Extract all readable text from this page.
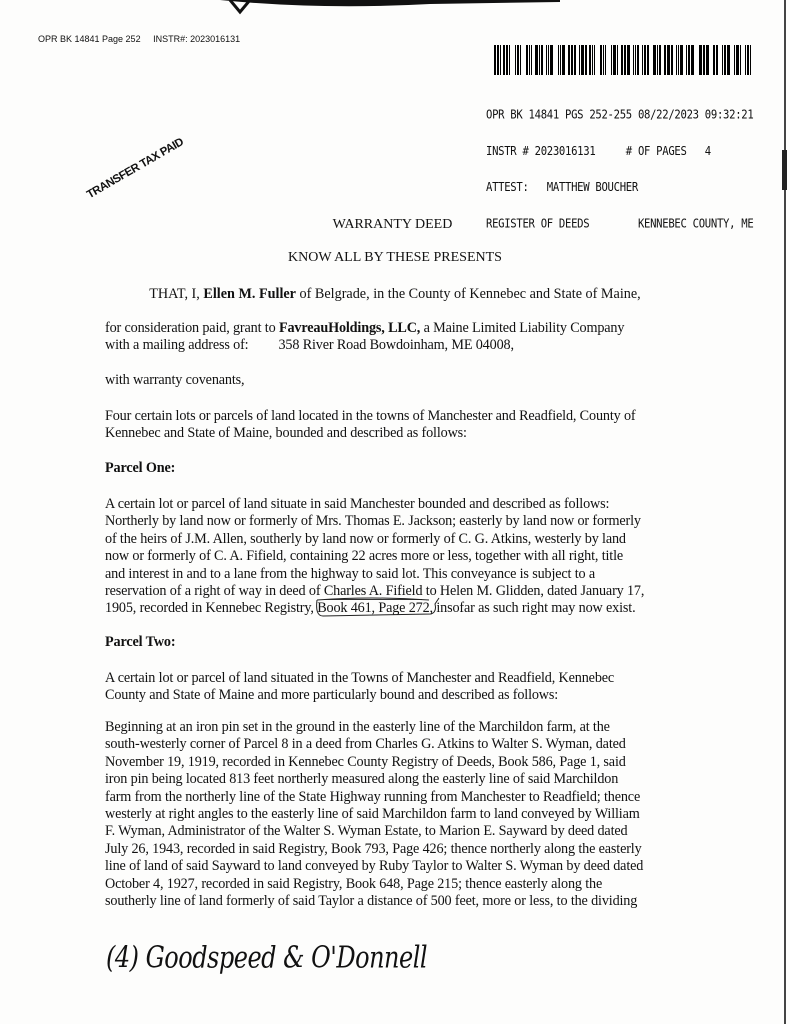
OPR BK 14841 Page 252 INSTR#: 2023016131

OPR BK 14841 PGS 252-255 08/22/2023 09:32:21

INSTR # 2023016131     # OF PAGES   4

ATTEST:   MATTHEW BOUCHER

REGISTER OF DEEDS        KENNEBEC COUNTY, ME

TRANSFER TAX PAID
WARRANTY DEED
KNOW ALL BY THESE PRESENTS
THAT, I, Ellen M. Fuller of Belgrade, in the County of Kennebec and State of Maine,

for consideration paid, grant to FavreauHoldings, LLC, a Maine Limited Liability Company

with a mailing address of: 358 River Road Bowdoinham, ME 04008,

with warranty covenants,

Four certain lots or parcels of land located in the towns of Manchester and Readfield, County of

Kennebec and State of Maine, bounded and described as follows:

Parcel One:

A certain lot or parcel of land situate in said Manchester bounded and described as follows:

Northerly by land now or formerly of Mrs. Thomas E. Jackson; easterly by land now or formerly

of the heirs of J.M. Allen, southerly by land now or formerly of C. G. Atkins, westerly by land

now or formerly of C. A. Fifield, containing 22 acres more or less, together with all right, title

and interest in and to a lane from the highway to said lot. This conveyance is subject to a

reservation of a right of way in deed of Charles A. Fifield to Helen M. Glidden, dated January 17,

1905, recorded in Kennebec Registry,
Book 461, Page 272, insofar as such right may now exist.

Parcel Two:

A certain lot or parcel of land situated in the Towns of Manchester and Readfield, Kennebec

County and State of Maine and more particularly bound and described as follows:

Beginning at an iron pin set in the ground in the easterly line of the Marchildon farm, at the

south-westerly corner of Parcel 8 in a deed from Charles G. Atkins to Walter S. Wyman, dated

November 19, 1919, recorded in Kennebec County Registry of Deeds, Book 586, Page 1, said

iron pin being located 813 feet northerly measured along the easterly line of said Marchildon

farm from the northerly line of the State Highway running from Manchester to Readfield; thence

westerly at right angles to the easterly line of said Marchildon farm to land conveyed by William

F. Wyman, Administrator of the Walter S. Wyman Estate, to Marion E. Sayward by deed dated

July 26, 1943, recorded in said Registry, Book 793, Page 426; thence northerly along the easterly

line of land of said Sayward to land conveyed by Ruby Taylor to Walter S. Wyman by deed dated

October 4, 1927, recorded in said Registry, Book 648, Page 215; thence easterly along the

southerly line of land formerly of said Taylor a distance of 500 feet, more or less, to the dividing

(4) Goodspeed & O'Donnell
